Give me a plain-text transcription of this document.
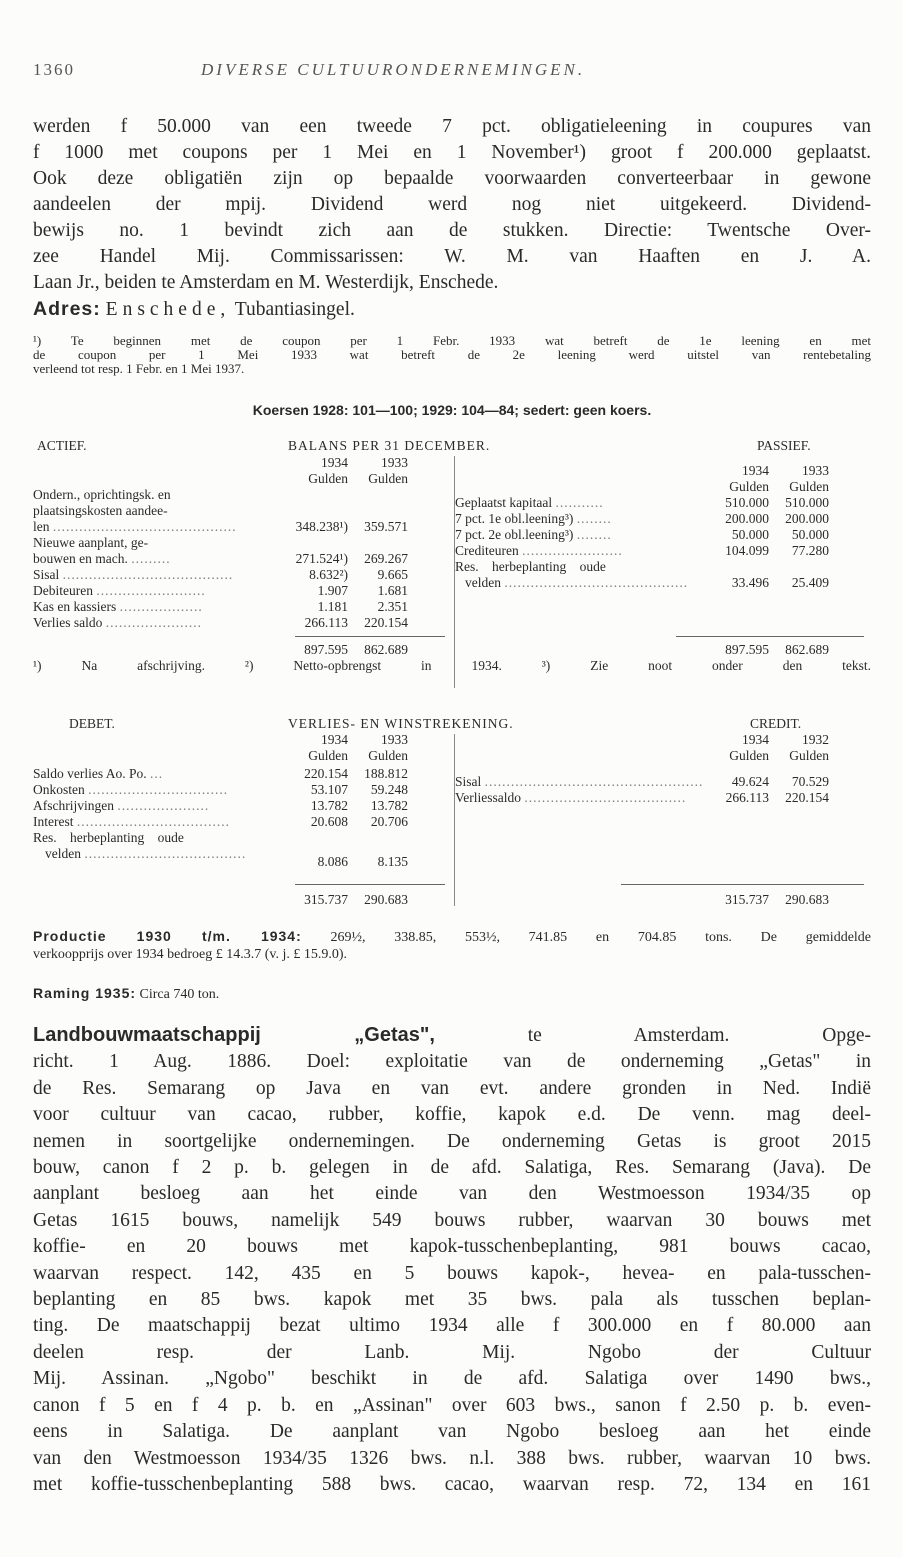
1360	DIVERSE CULTUURONDERNEMINGEN.
werden f 50.000 van een tweede 7 pct. obligatieleening in coupures van
f 1000 met coupons per 1 Mei en 1 November¹) groot f 200.000 geplaatst.
Ook deze obligatiën zijn op bepaalde voorwaarden converteerbaar in gewone
aandeelen der mpij. Dividend werd nog niet uitgekeerd. Dividend-
bewijs no. 1 bevindt zich aan de stukken. Directie: Twentsche Over-
zee Handel Mij. Commissarissen: W. M. van Haaften en J. A.
Laan Jr., beiden te Amsterdam en M. Westerdijk, Enschede.
Adres: Enschede, Tubantiasingel.
¹) Te beginnen met de coupon per 1 Febr. 1933 wat betreft de 1e leening en met
de coupon per 1 Mei 1933 wat betreft de 2e leening werd uitstel van rentebetaling
verleend tot resp. 1 Febr. en 1 Mei 1937.
Koersen 1928: 101—100; 1929: 104—84; sedert: geen koers.
ACTIEF.	BALANS PER 31 DECEMBER.	PASSIEF.
1934	1933
Gulden	Gulden
1934	1933
Gulden	Gulden
Ondern., oprichtingsk. en
plaatsingskosten aandee-
len ..........................................	348.238¹)	359.571
Nieuwe aanplant, ge-
bouwen en mach. .........	271.524¹)	269.267
Sisal .......................................	8.632²)	9.665
Debiteuren .........................	1.907	1.681
Kas en kassiers ...................	1.181	2.351
Verlies saldo ......................	266.113	220.154
897.595	862.689
Geplaatst kapitaal ...........	510.000	510.000
7 pct. 1e obl.leening³) ........	200.000	200.000
7 pct. 2e obl.leening³) ........	50.000	50.000
Crediteuren .......................	104.099	77.280
Res. herbeplanting oude
velden ..........................................	33.496	25.409
897.595	862.689
¹) Na afschrijving. ²) Netto-opbrengst in 1934. ³) Zie noot onder den tekst.
DEBET.	VERLIES- EN WINSTREKENING.	CREDIT.
1934	1933
Gulden	Gulden
1934	1932
Gulden	Gulden
Saldo verlies Ao. Po. ...	220.154	188.812
Onkosten ................................	53.107	59.248
Afschrijvingen .....................	13.782	13.782
Interest ...................................	20.608	20.706
Res. herbeplanting oude
velden .....................................
8.086	8.135
Sisal ..................................................	49.624	70.529
Verliessaldo .....................................	266.113	220.154
315.737	290.683	315.737	290.683
Productie 1930 t/m. 1934: 269½, 338.85, 553½, 741.85 en 704.85 tons. De gemiddelde
verkoopprijs over 1934 bedroeg £ 14.3.7 (v. j. £ 15.9.0).
Raming 1935: Circa 740 ton.
Landbouwmaatschappij „Getas", te Amsterdam. Opge-
richt. 1 Aug. 1886. Doel: exploitatie van de onderneming „Getas" in
de Res. Semarang op Java en van evt. andere gronden in Ned. Indië
voor cultuur van cacao, rubber, koffie, kapok e.d. De venn. mag deel-
nemen in soortgelijke ondernemingen. De onderneming Getas is groot 2015
bouw, canon f 2 p. b. gelegen in de afd. Salatiga, Res. Semarang (Java). De
aanplant besloeg aan het einde van den Westmoesson 1934/35 op
Getas 1615 bouws, namelijk 549 bouws rubber, waarvan 30 bouws met
koffie- en 20 bouws met kapok-tusschenbeplanting, 981 bouws cacao,
waarvan respect. 142, 435 en 5 bouws kapok-, hevea- en pala-tusschen-
beplanting en 85 bws. kapok met 35 bws. pala als tusschen beplan-
ting. De maatschappij bezat ultimo 1934 alle f 300.000 en f 80.000 aan
deelen resp. der Lanb. Mij. Ngobo der Cultuur
Mij. Assinan. „Ngobo" beschikt in de afd. Salatiga over 1490 bws.,
canon f 5 en f 4 p. b. en „Assinan" over 603 bws., sanon f 2.50 p. b. even-
eens in Salatiga. De aanplant van Ngobo besloeg aan het einde
van den Westmoesson 1934/35 1326 bws. n.l. 388 bws. rubber, waarvan 10 bws.
met koffie-tusschenbeplanting 588 bws. cacao, waarvan resp. 72, 134 en 161
